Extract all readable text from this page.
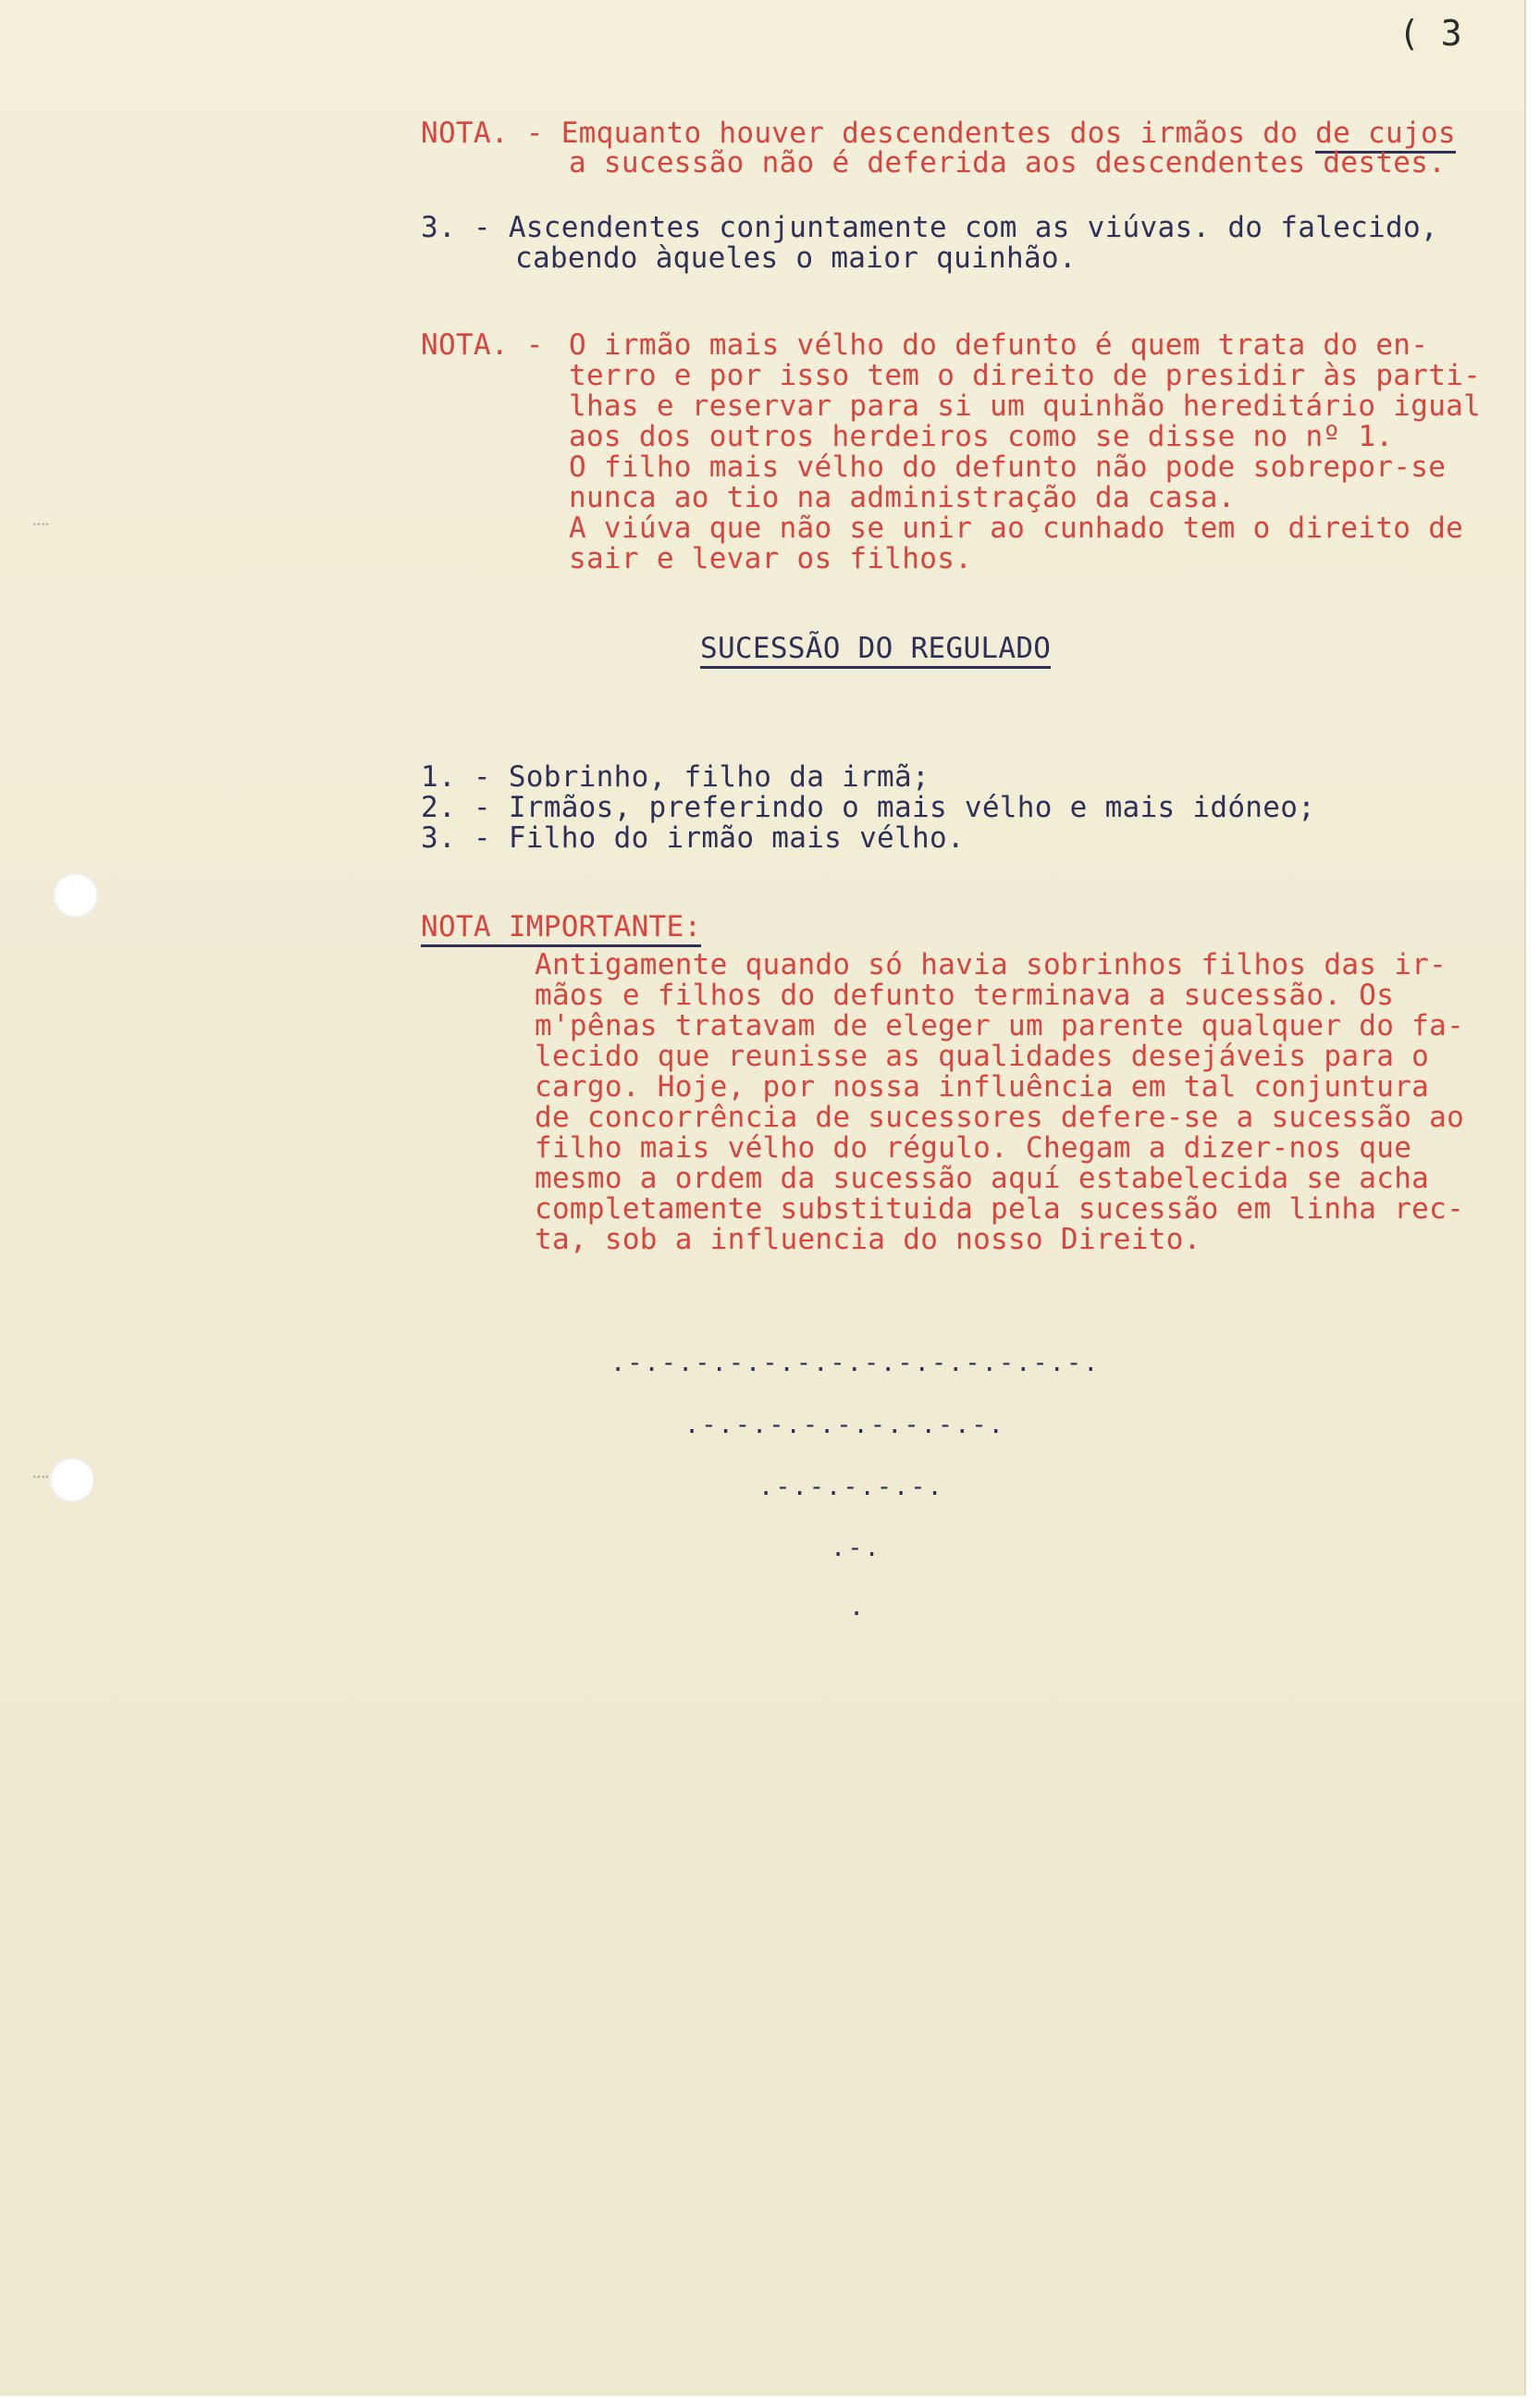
⁞
⁞
( 3
NOTA. - Emquanto houver descendentes dos irmãos do de cujos
a sucessão não é deferida aos descendentes destes.
3. - Ascendentes conjuntamente com as viúvas. do falecido,
cabendo àqueles o maior quinhão.
NOTA. - O irmão mais vélho do defunto é quem trata do en-
terro e por isso tem o direito de presidir às parti-
lhas e reservar para si um quinhão hereditário igual
aos dos outros herdeiros como se disse no nº 1.
O filho mais vélho do defunto não pode sobrepor-se
nunca ao tio na administração da casa.
A viúva que não se unir ao cunhado tem o direito de
sair e levar os filhos.
SUCESSÃO DO REGULADO
1. - Sobrinho, filho da irmã;
2. - Irmãos, preferindo o mais vélho e mais idóneo;
3. - Filho do irmão mais vélho.
NOTA IMPORTANTE:
Antigamente quando só havia sobrinhos filhos das ir-
mãos e filhos do defunto terminava a sucessão. Os
m'pênas tratavam de eleger um parente qualquer do fa-
lecido que reunisse as qualidades desejáveis para o
cargo. Hoje, por nossa influência em tal conjuntura
de concorrência de sucessores defere-se a sucessão ao
filho mais vélho do régulo. Chegam a dizer-nos que
mesmo a ordem da sucessão aquí estabelecida se acha
completamente substituida pela sucessão em linha rec-
ta, sob a influencia do nosso Direito.
.-.-.-.-.-.-.-.-.-.-.-.-.-.-.
.-.-.-.-.-.-.-.-.-.
.-.-.-.-.-.
.-.
.
